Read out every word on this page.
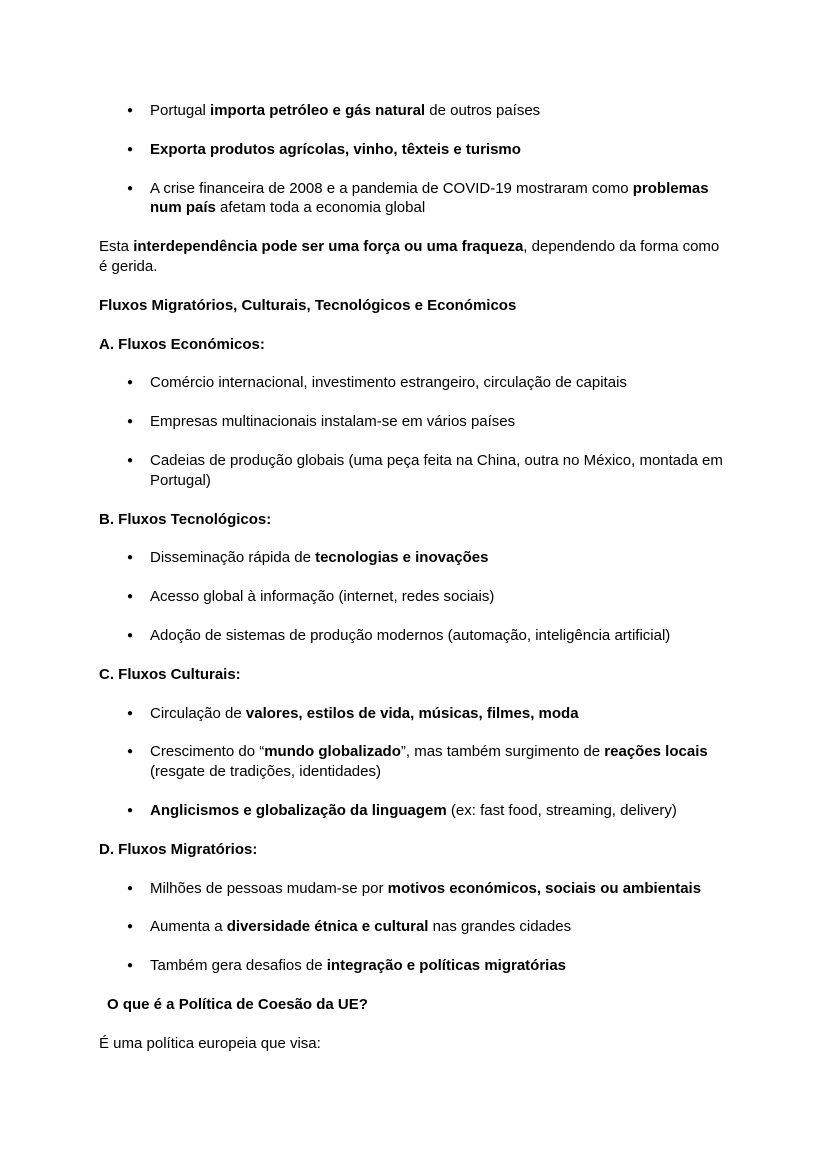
●	Portugal importa petróleo e gás natural de outros países
●	Exporta produtos agrícolas, vinho, têxteis e turismo
●	A crise financeira de 2008 e a pandemia de COVID-19 mostraram como problemas num país afetam toda a economia global
Esta interdependência pode ser uma força ou uma fraqueza, dependendo da forma como é gerida.
Fluxos Migratórios, Culturais, Tecnológicos e Económicos
A. Fluxos Económicos:
●	Comércio internacional, investimento estrangeiro, circulação de capitais
●	Empresas multinacionais instalam-se em vários países
●	Cadeias de produção globais (uma peça feita na China, outra no México, montada em Portugal)
B. Fluxos Tecnológicos:
●	Disseminação rápida de tecnologias e inovações
●	Acesso global à informação (internet, redes sociais)
●	Adoção de sistemas de produção modernos (automação, inteligência artificial)
C. Fluxos Culturais:
●	Circulação de valores, estilos de vida, músicas, filmes, moda
●	Crescimento do “mundo globalizado”, mas também surgimento de reações locais (resgate de tradições, identidades)
●	Anglicismos e globalização da linguagem (ex: fast food, streaming, delivery)
D. Fluxos Migratórios:
●	Milhões de pessoas mudam-se por motivos económicos, sociais ou ambientais
●	Aumenta a diversidade étnica e cultural nas grandes cidades
●	Também gera desafios de integração e políticas migratórias
O que é a Política de Coesão da UE?
É uma política europeia que visa:
